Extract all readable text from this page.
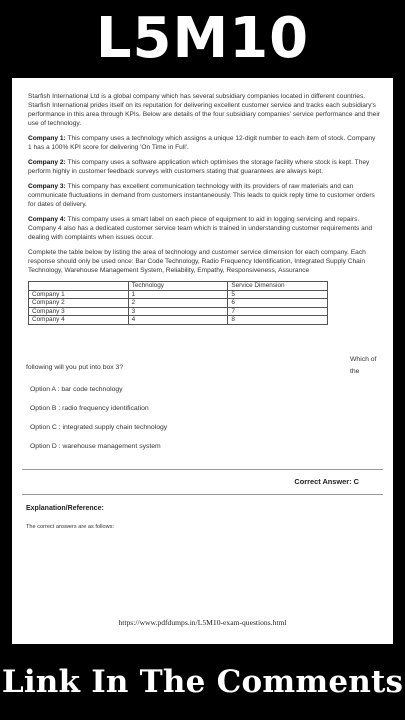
L5M10

Starfish International Ltd is a global company which has several subsidiary companies located in different countries. Starfish International prides itself on its reputation for delivering excellent customer service and tracks each subsidiary's performance in this area through KPIs. Below are details of the four subsidiary companies' service performance and their use of technology.

Company 1: This company uses a technology which assigns a unique 12-digit number to each item of stock. Company 1 has a 100% KPI score for delivering 'On Time in Full'.

Company 2: This company uses a software application which optimises the storage facility where stock is kept. They perform highly in customer feedback surveys with customers stating that guarantees are always kept.

Company 3: This company has excellent communication technology with its providers of raw materials and can communicate fluctuations in demand from customers instantaneously. This leads to quick reply time to customer orders for dates of delivery.

Company 4: This company uses a smart label on each piece of equipment to aid in logging servicing and repairs. Company 4 also has a dedicated customer service team which is trained in understanding customer requirements and dealing with complaints when issues occur.

Complete the table below by listing the area of technology and customer service dimension for each company. Each response should only be used once: Bar Code Technology, Radio Frequency Identification, Integrated Supply Chain Technology, Warehouse Management System, Reliability, Empathy, Responsiveness, Assurance

	Technology	Service Dimension
Company 1	1	5
Company 2	2	6
Company 3	3	7
Company 4	4	8
Which of the
following will you put into box 3?
Option A : bar code technology
Option B : radio frequency identification
Option C : integrated supply chain technology
Option D : warehouse management system
Correct Answer: C
Explanation/Reference:
The correct answers are as follows:
https://www.pdfdumps.in/L5M10-exam-questions.html
Link In The Comments
